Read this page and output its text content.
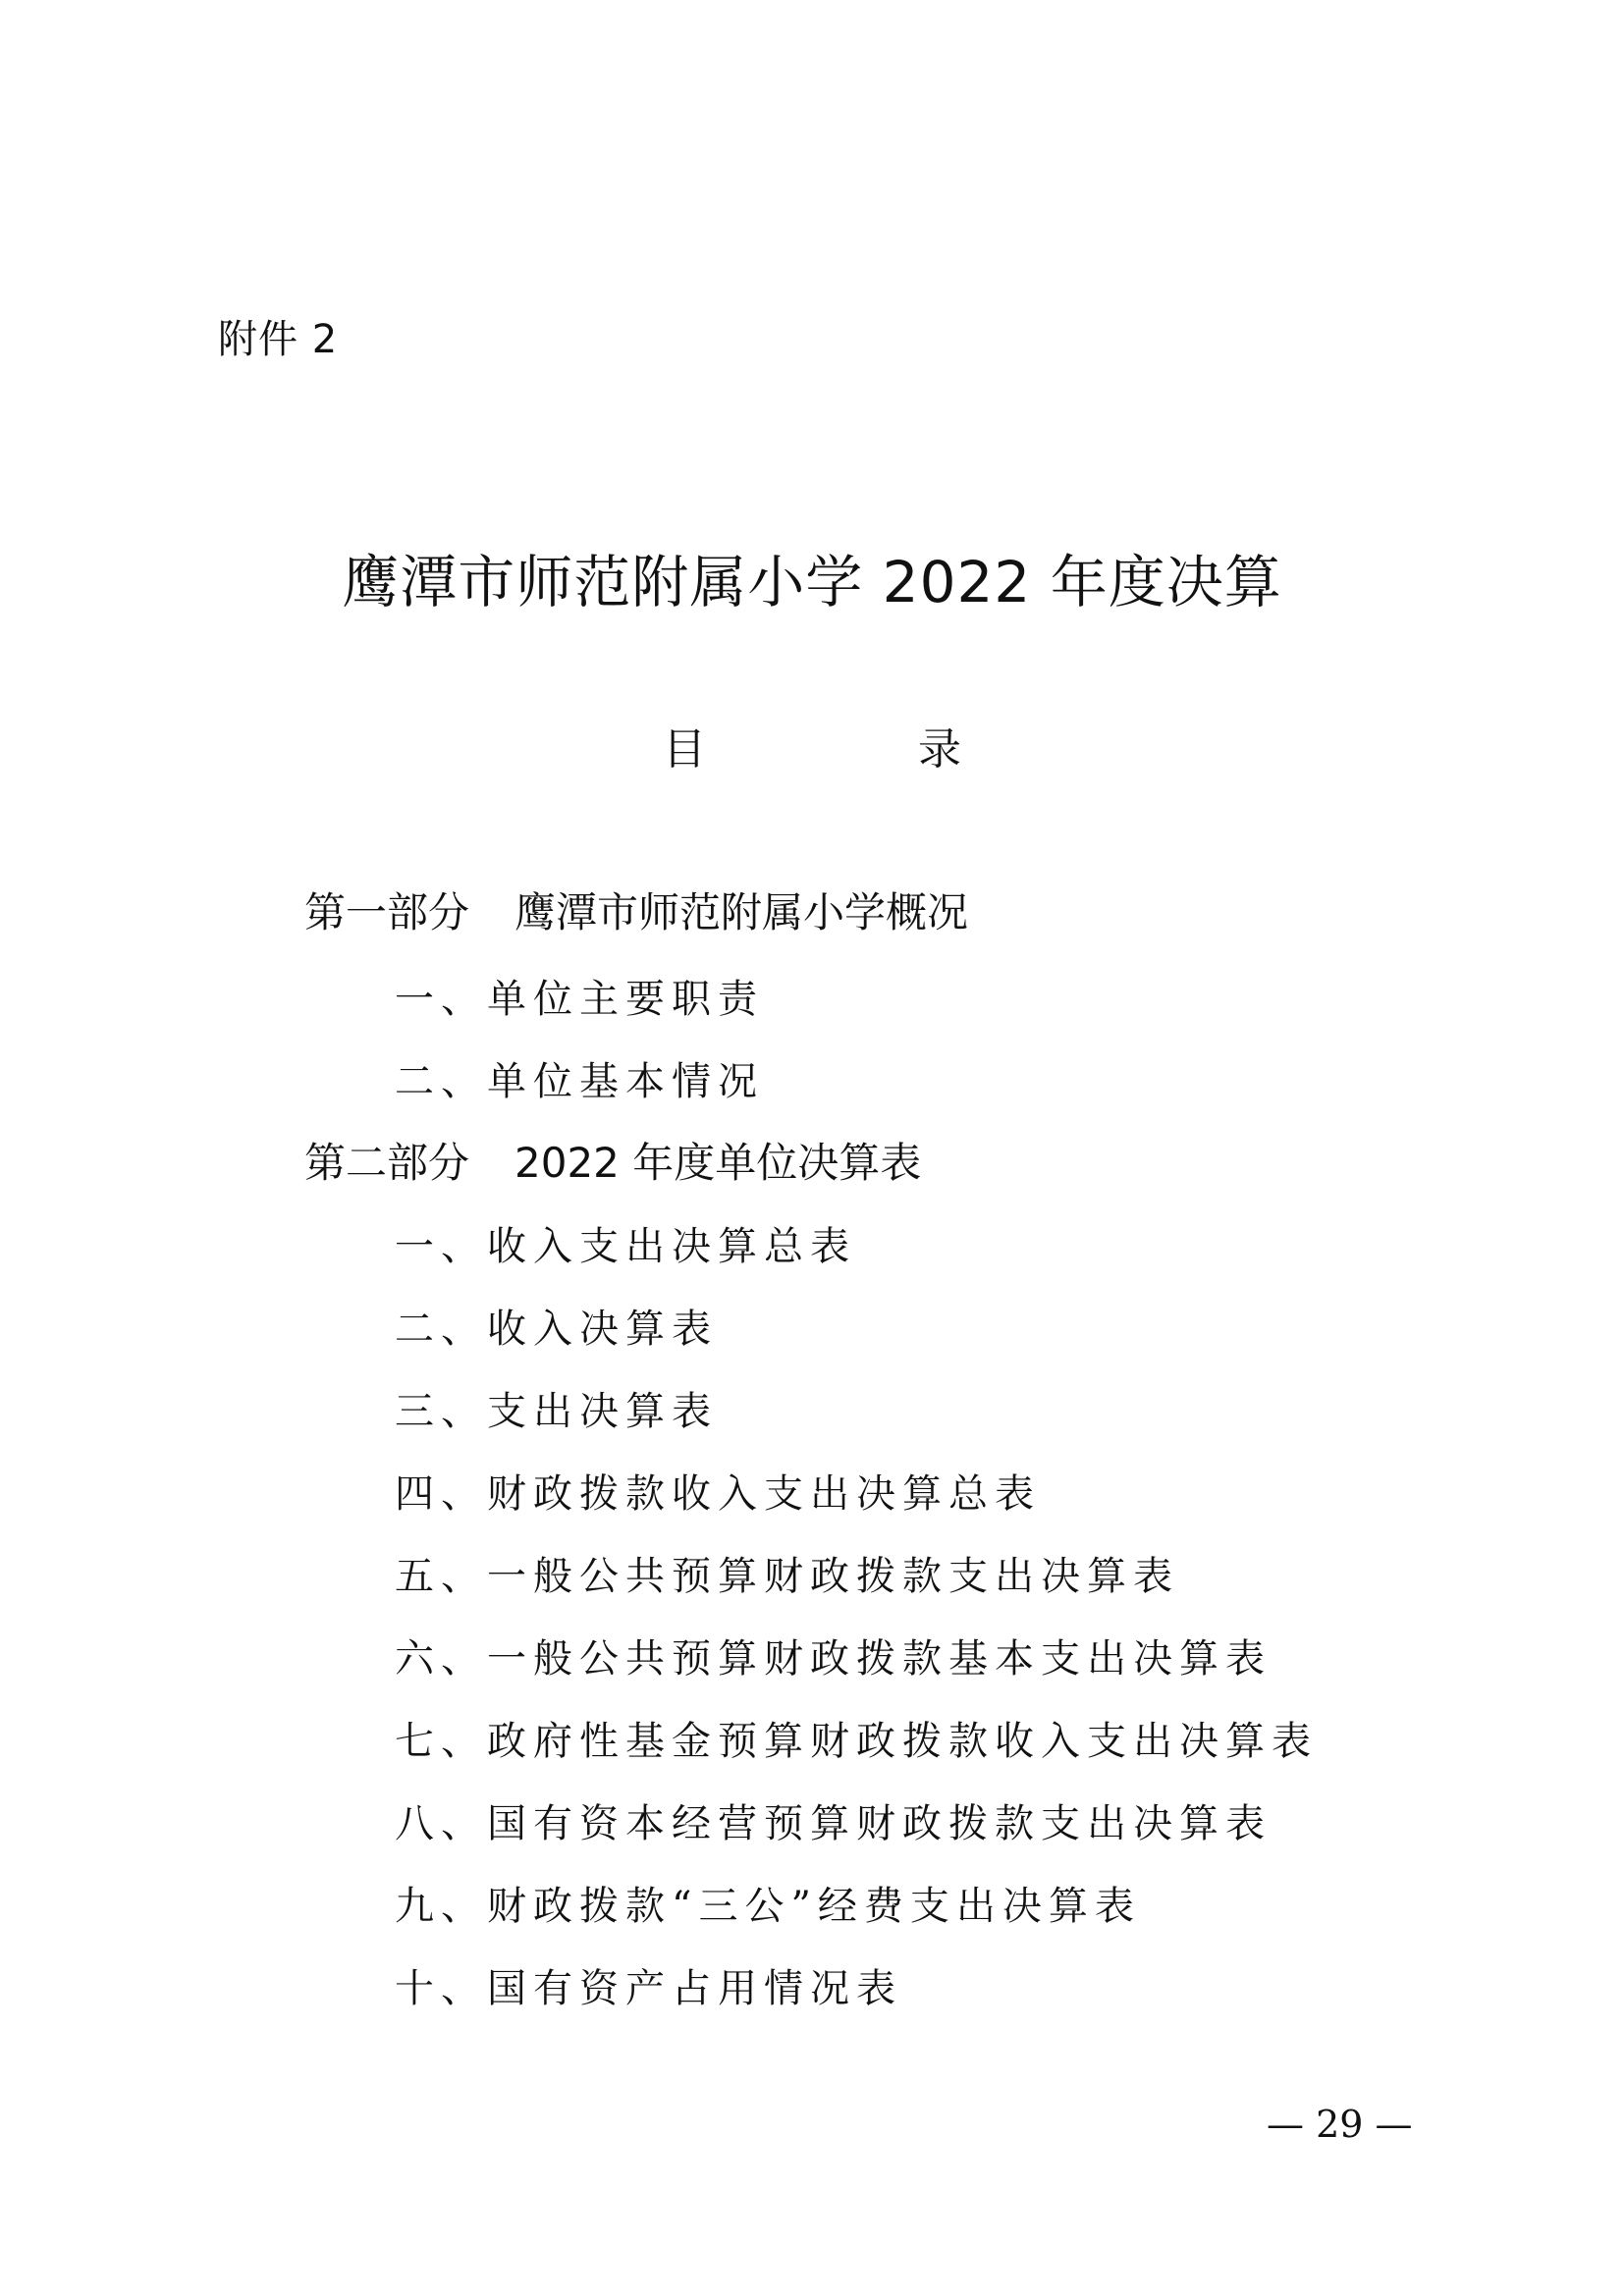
附件 2
鹰潭市师范附属小学 2022 年度决算
目　录
第一部分 鹰潭市师范附属小学概况
一、单位主要职责
二、单位基本情况
第二部分 2022 年度单位决算表
一、收入支出决算总表
二、收入决算表
三、支出决算表
四、财政拨款收入支出决算总表
五、一般公共预算财政拨款支出决算表
六、一般公共预算财政拨款基本支出决算表
七、政府性基金预算财政拨款收入支出决算表
八、国有资本经营预算财政拨款支出决算表
九、财政拨款“三公”经费支出决算表
十、国有资产占用情况表
— 29 —
